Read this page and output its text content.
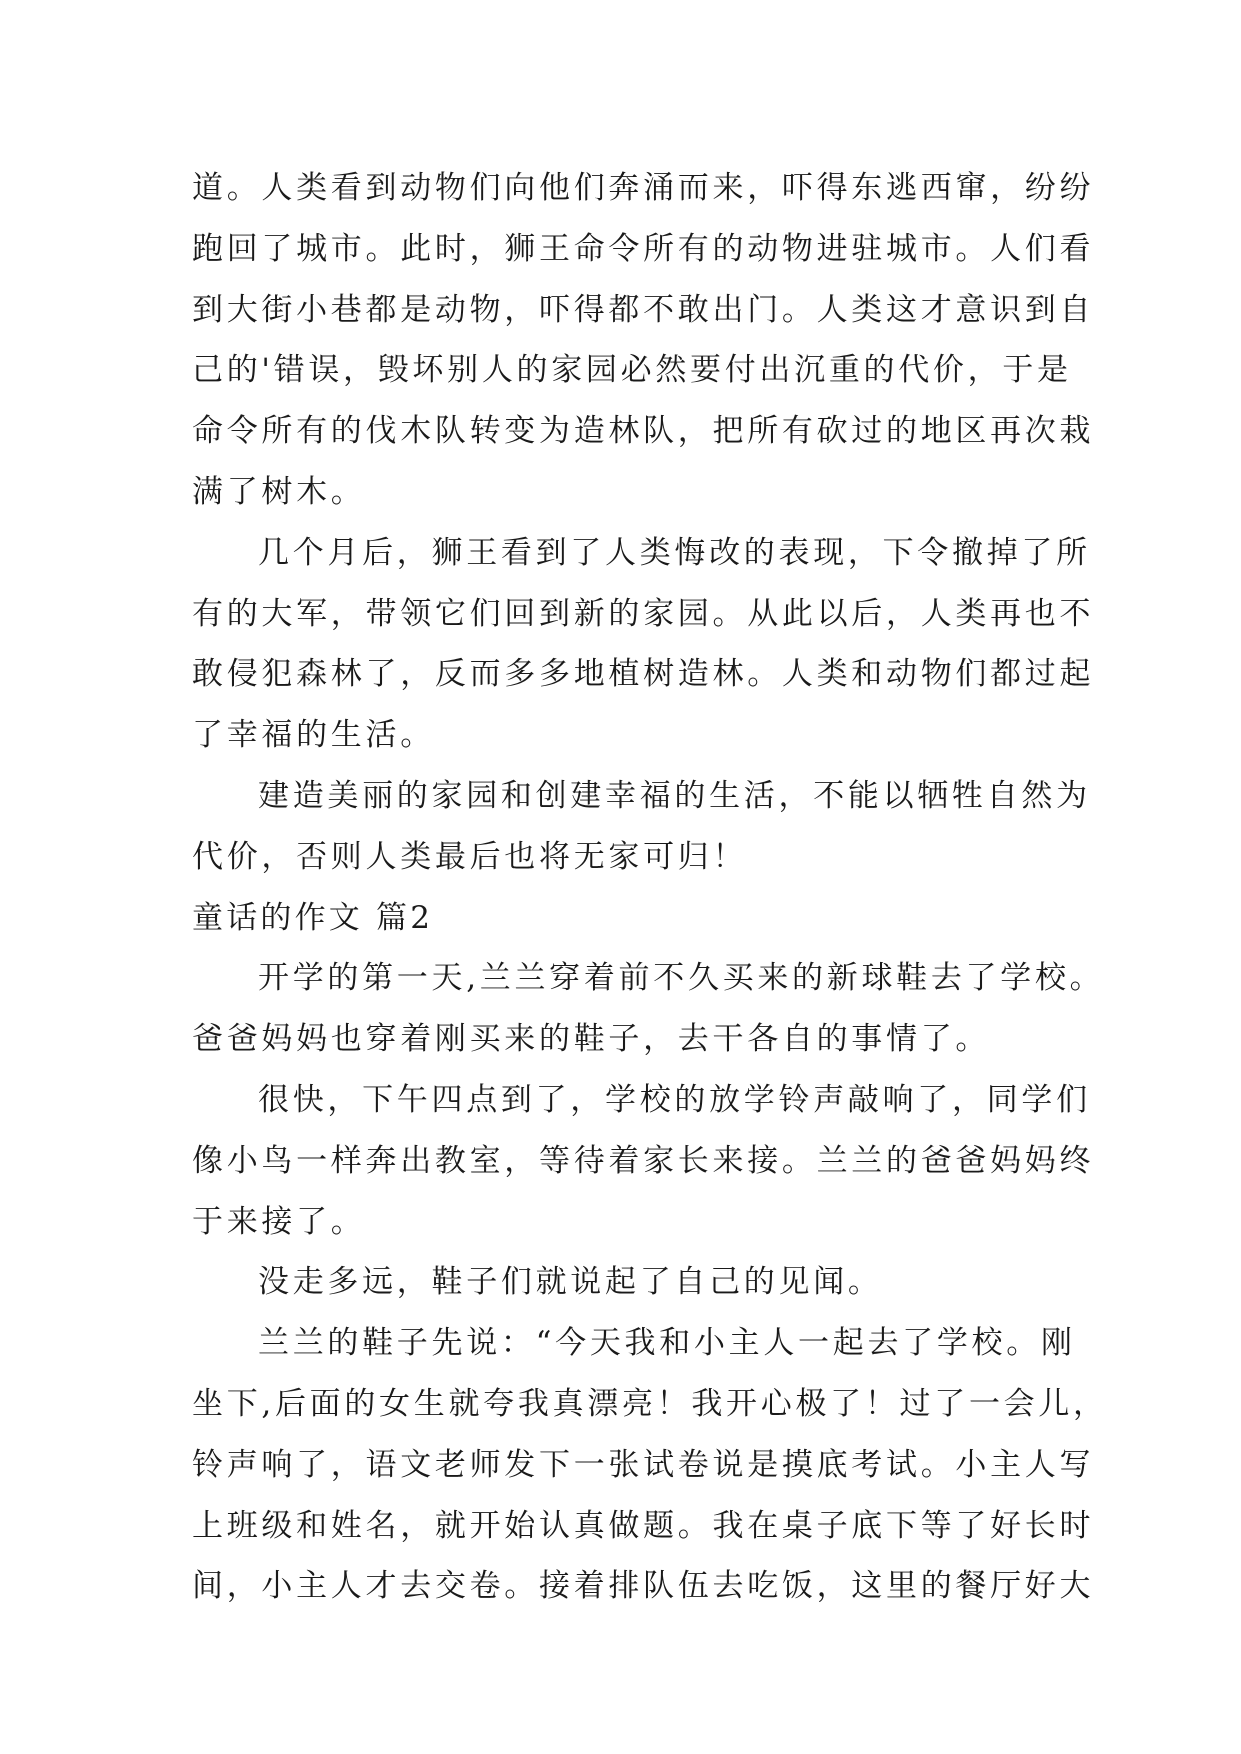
道。人类看到动物们向他们奔涌而来，吓得东逃西窜，纷纷
跑回了城市。此时，狮王命令所有的动物进驻城市。人们看
到大街小巷都是动物，吓得都不敢出门。人类这才意识到自
己的'错误，毁坏别人的家园必然要付出沉重的代价，于是
命令所有的伐木队转变为造林队，把所有砍过的地区再次栽
满了树木。
几个月后，狮王看到了人类悔改的表现，下令撤掉了所
有的大军，带领它们回到新的家园。从此以后，人类再也不
敢侵犯森林了，反而多多地植树造林。人类和动物们都过起
了幸福的生活。
建造美丽的家园和创建幸福的生活，不能以牺牲自然为
代价，否则人类最后也将无家可归！
童话的作文 篇2
开学的第一天,兰兰穿着前不久买来的新球鞋去了学校。
爸爸妈妈也穿着刚买来的鞋子，去干各自的事情了。
很快，下午四点到了，学校的放学铃声敲响了，同学们
像小鸟一样奔出教室，等待着家长来接。兰兰的爸爸妈妈终
于来接了。
没走多远，鞋子们就说起了自己的见闻。
兰兰的鞋子先说：“今天我和小主人一起去了学校。刚
坐下,后面的女生就夸我真漂亮！我开心极了！过了一会儿，
铃声响了，语文老师发下一张试卷说是摸底考试。小主人写
上班级和姓名，就开始认真做题。我在桌子底下等了好长时
间，小主人才去交卷。接着排队伍去吃饭，这里的餐厅好大
